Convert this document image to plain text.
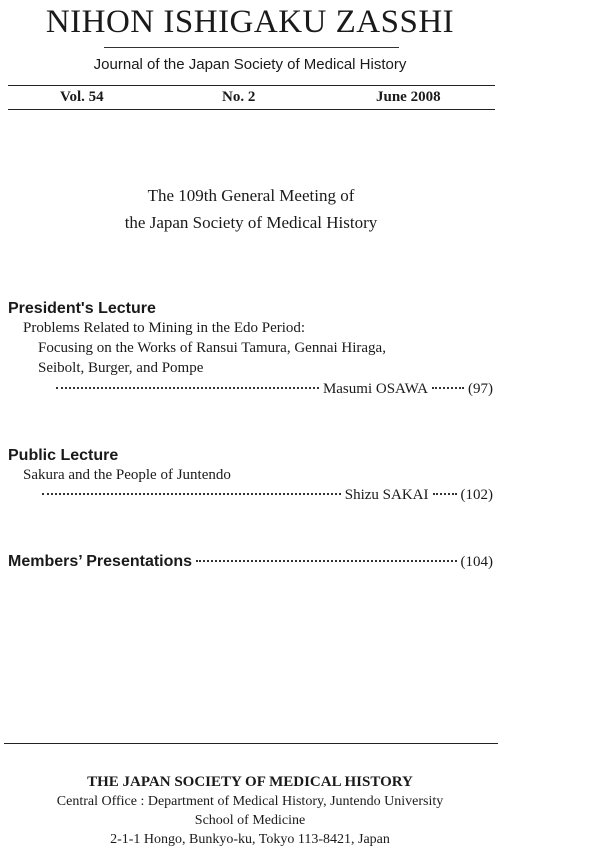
NIHON ISHIGAKU ZASSHI
Journal of the Japan Society of Medical History
Vol. 54	No. 2	June 2008
The 109th General Meeting of
the Japan Society of Medical History
President's Lecture
Problems Related to Mining in the Edo Period:
Focusing on the Works of Ransui Tamura, Gennai Hiraga,
Seibolt, Burger, and Pompe
Masumi OSAWA	(97)
Public Lecture
Sakura and the People of Juntendo
Shizu SAKAI (102)
Members’ Presentations	(104)
THE JAPAN SOCIETY OF MEDICAL HISTORY
Central Office : Department of Medical History, Juntendo University
School of Medicine
2-1-1 Hongo, Bunkyo-ku, Tokyo 113-8421, Japan
